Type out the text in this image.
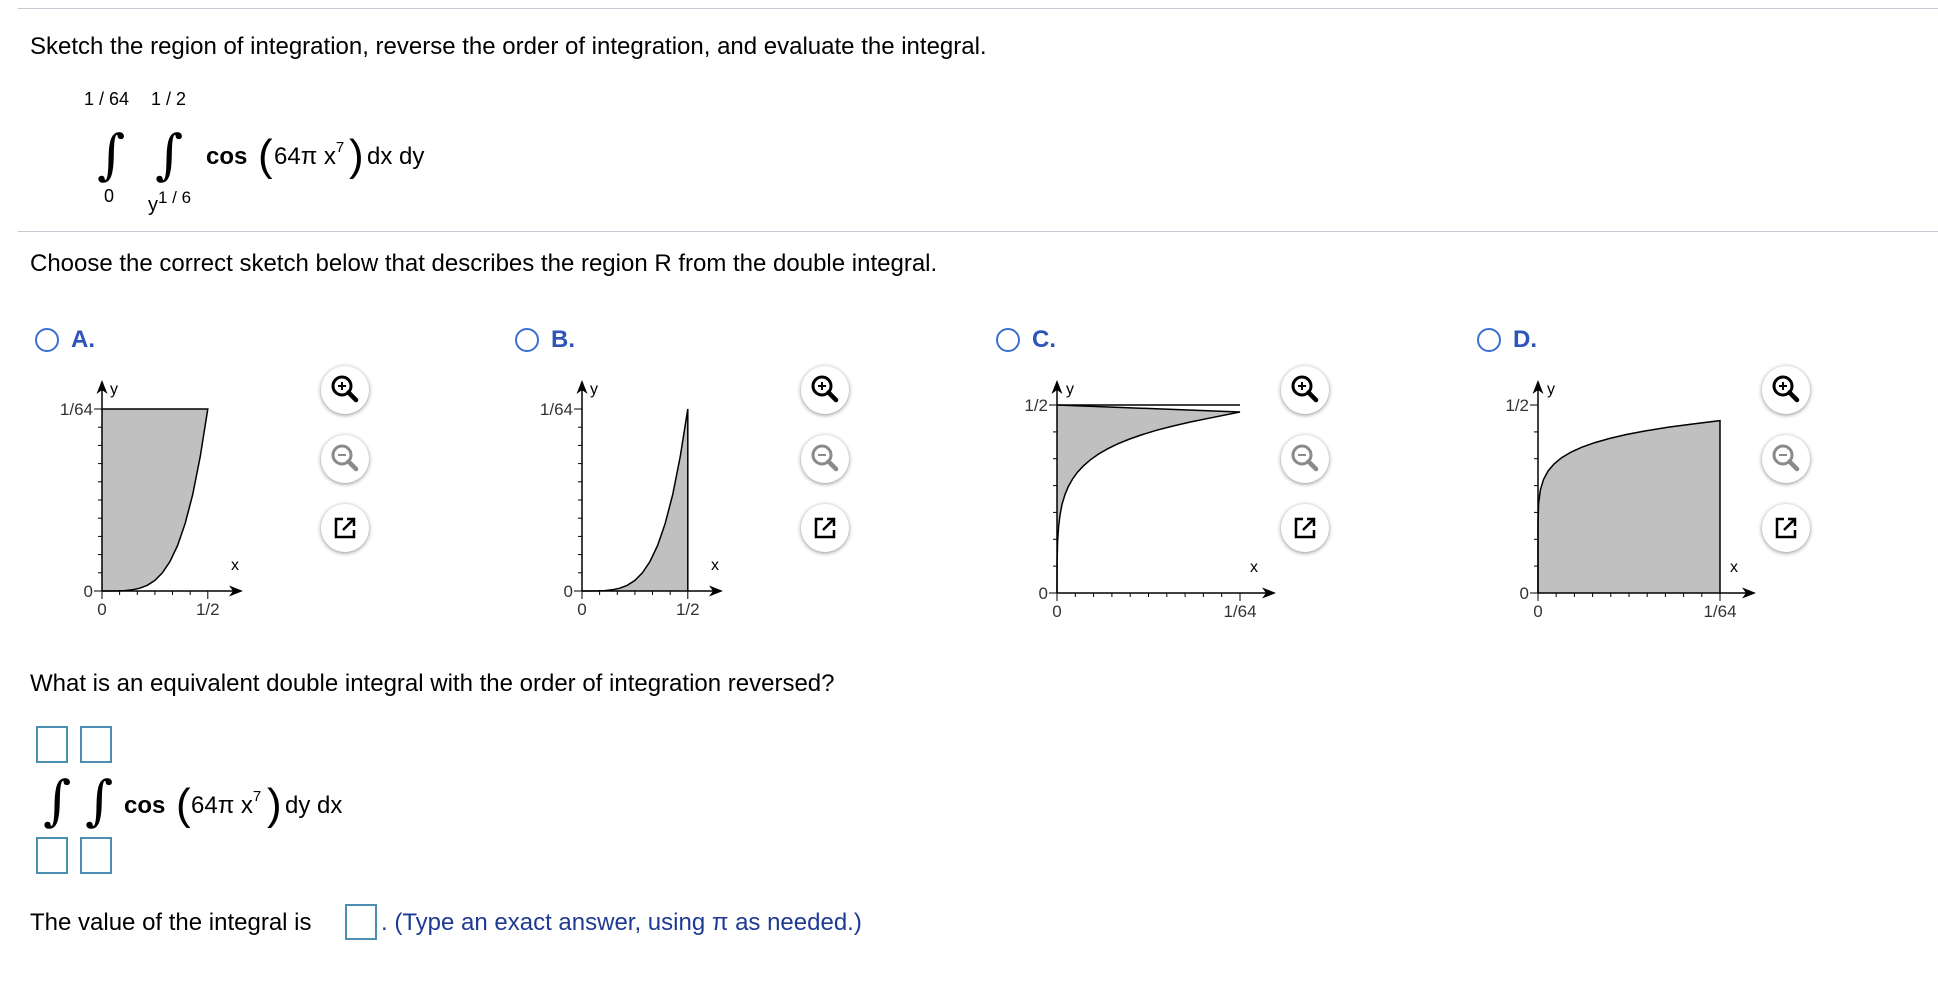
Sketch the region of integration, reverse the order of integration, and evaluate the integral.
1 / 64 1 / 2
∫ ∫
0 y1 / 6
cos ( 64π $x^7$ ) dx dy
Choose the correct sketch below that describes the region R from the double integral.
A.	B.	C.	D.
y
x
1/64
0
0	1/2
y
x
1/64
0
0	1/2
y
x
1/2
0
0	1/64
y
x
1/2
0
0	1/64
What is an equivalent double integral with the order of integration reversed?
∫ ∫ cos ( 64π $x^7$ ) dy dx
The value of the integral is	. (Type an exact answer, using π as needed.)
